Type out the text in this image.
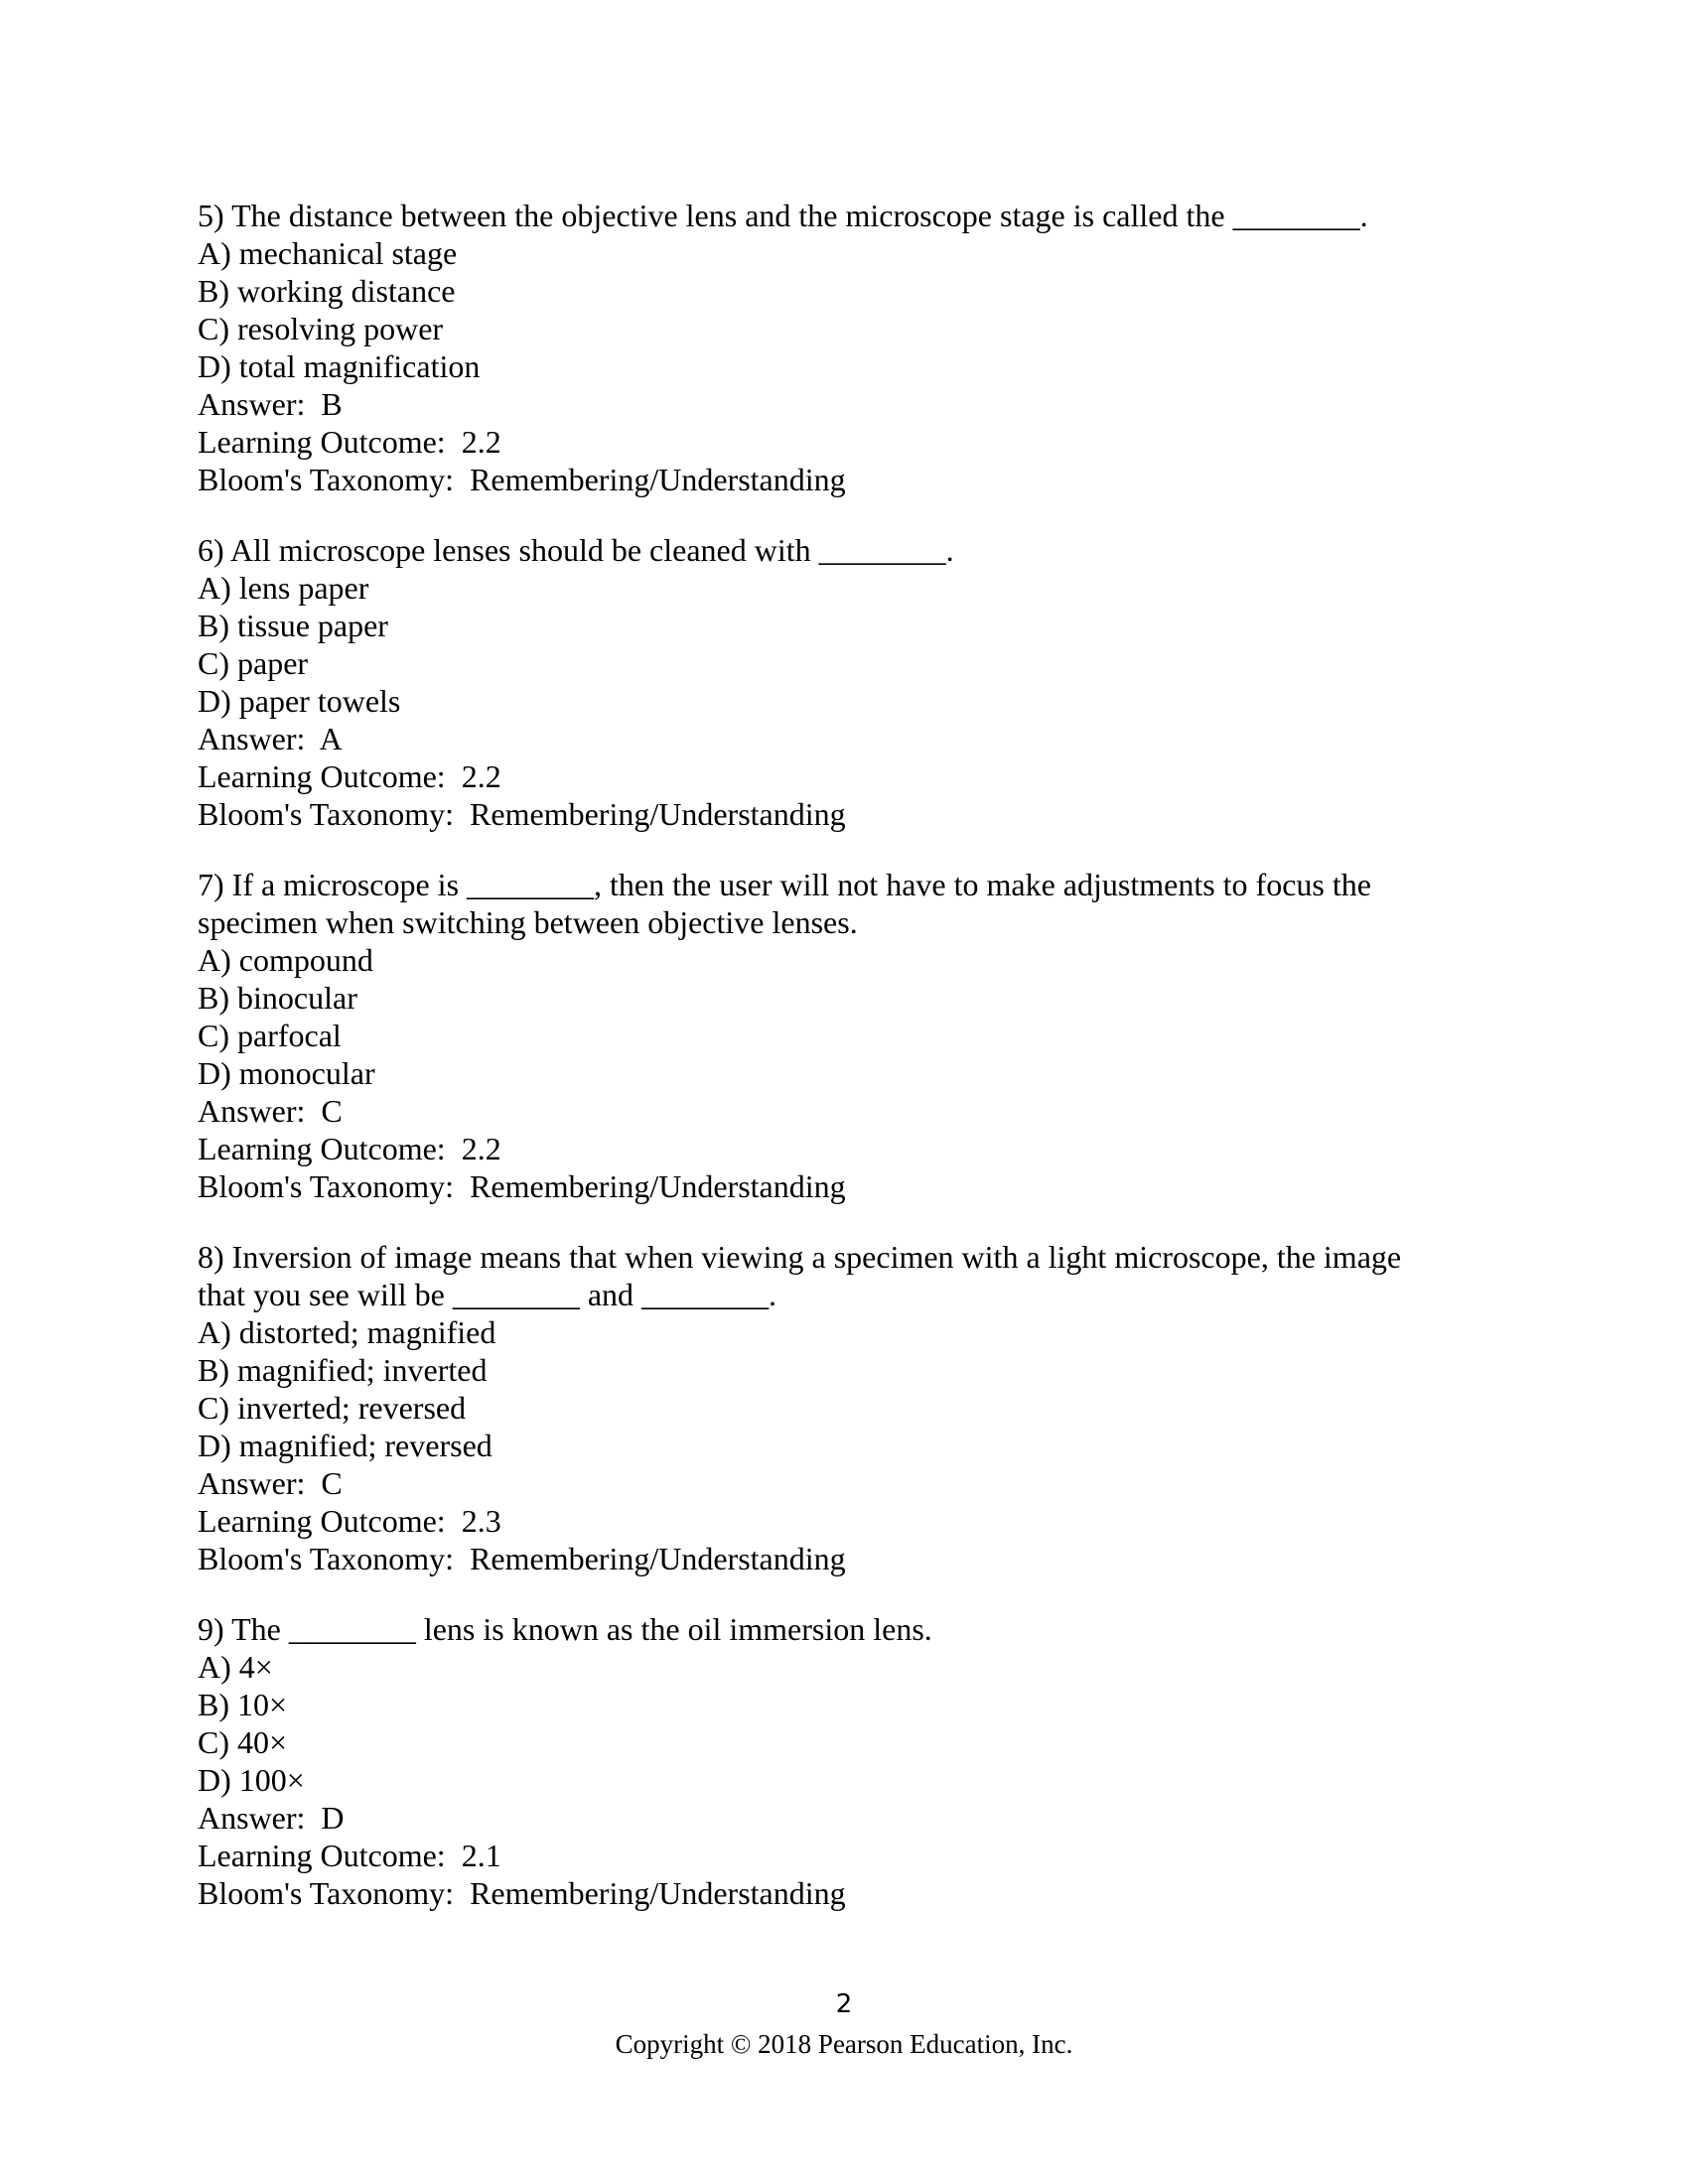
5) The distance between the objective lens and the microscope stage is called the ________.
A) mechanical stage
B) working distance
C) resolving power
D) total magnification
Answer:  B
Learning Outcome:  2.2
Bloom's Taxonomy:  Remembering/Understanding
6) All microscope lenses should be cleaned with ________.
A) lens paper
B) tissue paper
C) paper
D) paper towels
Answer:  A
Learning Outcome:  2.2
Bloom's Taxonomy:  Remembering/Understanding
7) If a microscope is ________, then the user will not have to make adjustments to focus the
specimen when switching between objective lenses.
A) compound
B) binocular
C) parfocal
D) monocular
Answer:  C
Learning Outcome:  2.2
Bloom's Taxonomy:  Remembering/Understanding
8) Inversion of image means that when viewing a specimen with a light microscope, the image
that you see will be ________ and ________.
A) distorted; magnified
B) magnified; inverted
C) inverted; reversed
D) magnified; reversed
Answer:  C
Learning Outcome:  2.3
Bloom's Taxonomy:  Remembering/Understanding
9) The ________ lens is known as the oil immersion lens.
A) 4×
B) 10×
C) 40×
D) 100×
Answer:  D
Learning Outcome:  2.1
Bloom's Taxonomy:  Remembering/Understanding
2
Copyright © 2018 Pearson Education, Inc.
